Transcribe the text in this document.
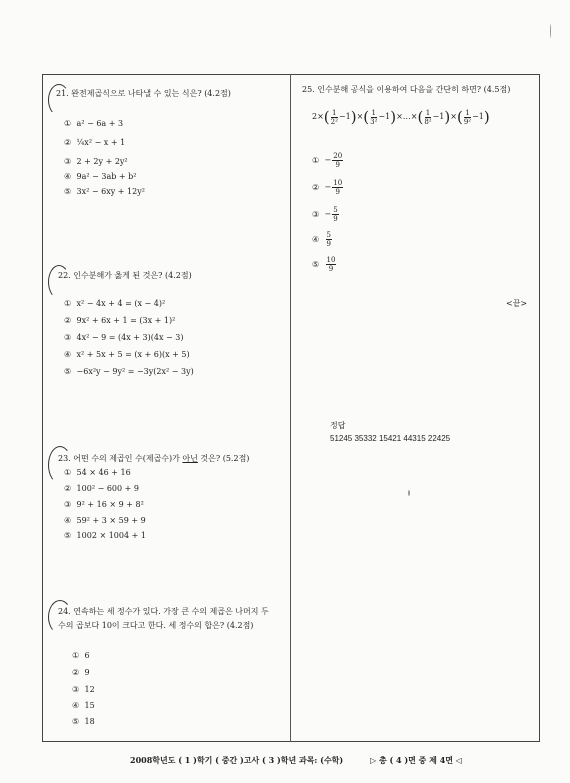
21. 완전제곱식으로 나타낼 수 있는 식은? (4.2점)
① a² − 6a + 3
② ¼x² − x + 1
③ 2 + 2y + 2y²
④ 9a² − 3ab + b²
⑤ 3x² − 6xy + 12y²
22. 인수분해가 옳게 된 것은? (4.2점)
① x² − 4x + 4 = (x − 4)²
② 9x² + 6x + 1 = (3x + 1)²
③ 4x² − 9 = (4x + 3)(4x − 3)
④ x² + 5x + 5 = (x + 6)(x + 5)
⑤ −6x²y − 9y² = −3y(2x² − 3y)
23. 어떤 수의 제곱인 수(제곱수)가 아닌 것은? (5.2점)
① 54 × 46 + 16
② 100² − 600 + 9
③ 9² + 16 × 9 + 8²
④ 59² + 3 × 59 + 9
⑤ 1002 × 1004 + 1
24. 연속하는 세 정수가 있다. 가장 큰 수의 제곱은 나머지 두
수의 곱보다 10이 크다고 한다. 세 정수의 합은? (4.2점)
① 6
② 9
③ 12
④ 15
⑤ 18
25. 인수분해 공식을 이용하여 다음을 간단히 하면? (4.5점)
$2\times( \frac{1}{\text{2²}} -1)\times( \frac{1}{\text{3²}}$ −1)×…×( $\frac{1}{\text{8²}} -1)\times( \frac{1}{\text{9²}} -1)$
① − $\frac{20}{9}$
② − $\frac{10}{9}$
③ − $\frac{5}{9}$
④ $\frac{5}{9}$
⑤ $\frac{10}{9}$
<끝>
정답
51245 35332 15421 44315 22425
2008학년도 ( 1 )학기 ( 중간 )고사 ( 3 )학년 과목: (수학)	▷ 총 ( 4 )면 중 제 4면 ◁
